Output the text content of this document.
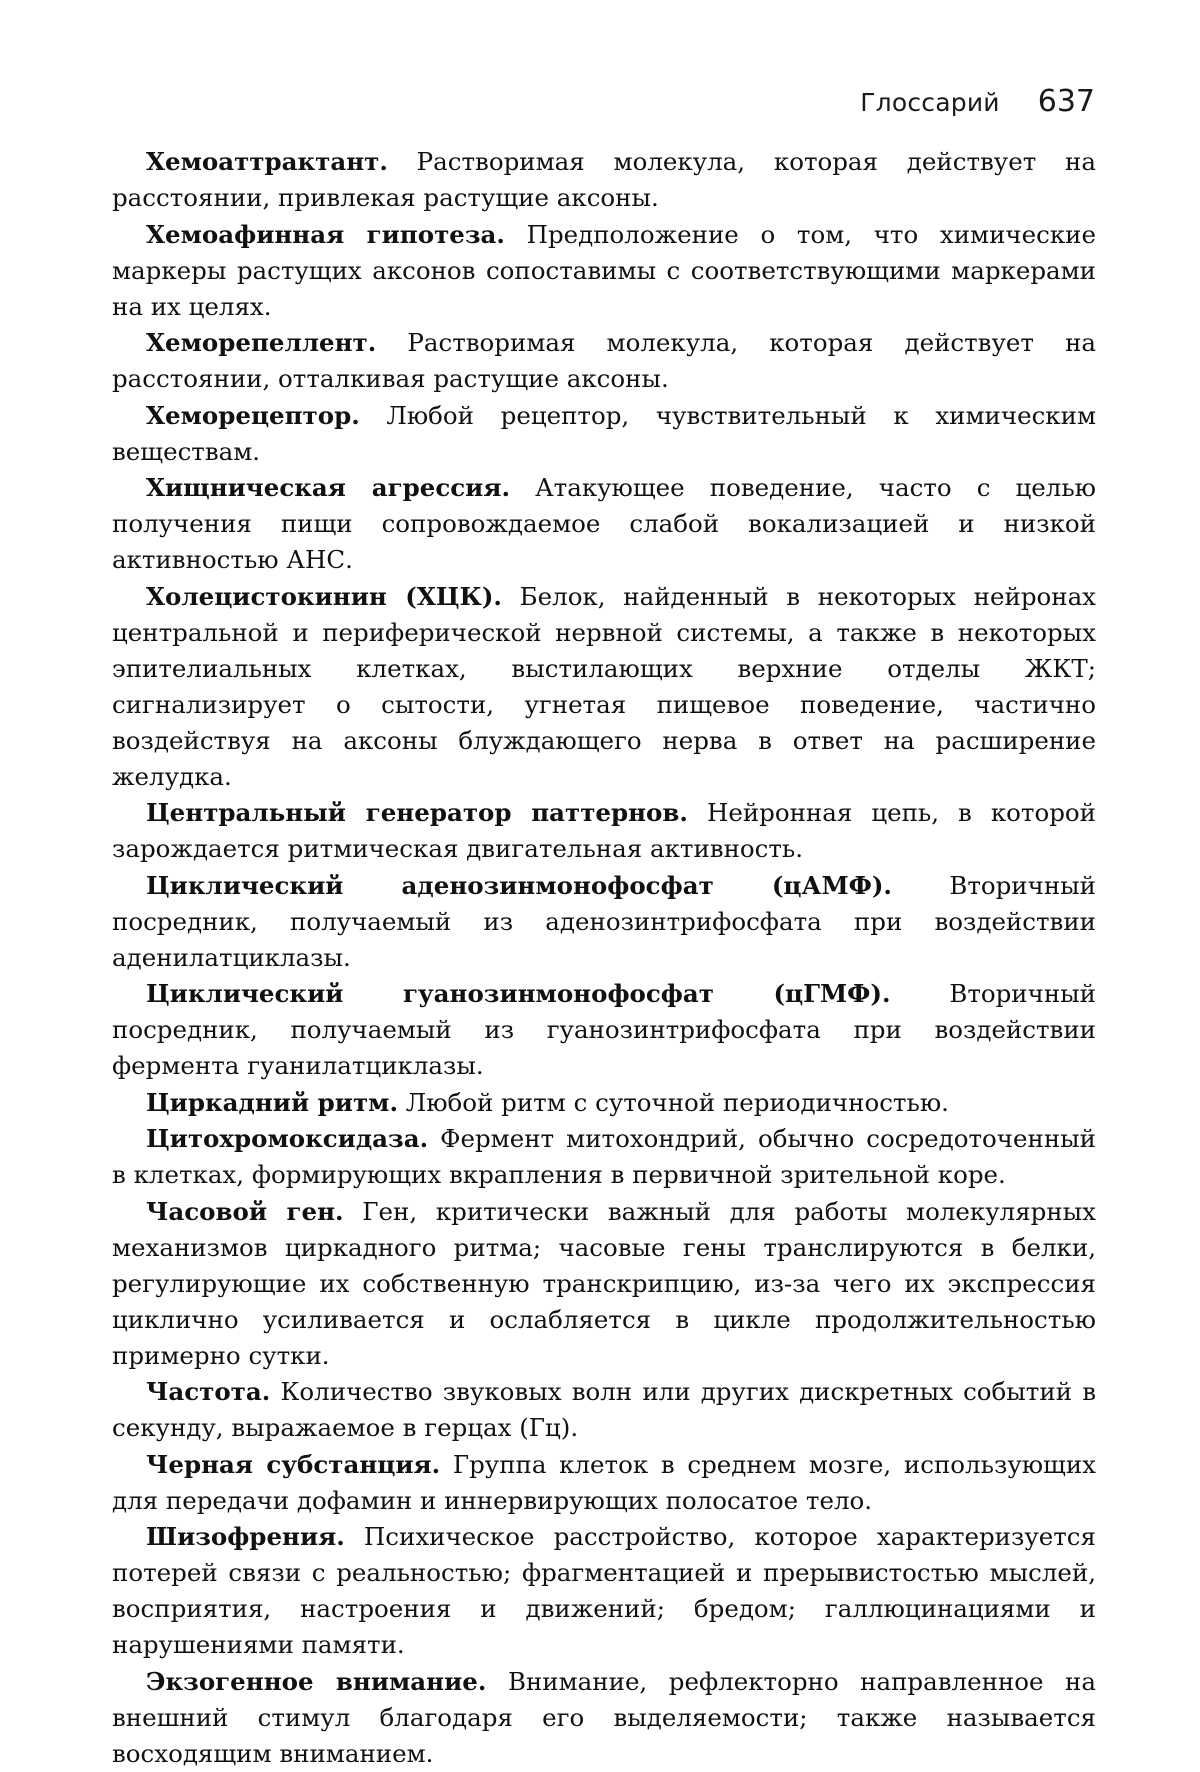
Глоссарий 637

Хемоаттрактант. Растворимая молекула, которая действует на расстоянии, привлекая растущие аксоны.

Хемоафинная гипотеза. Предположение о том, что химические маркеры растущих аксонов сопоставимы с соответствующими маркерами на их целях.

Хеморепеллент. Растворимая молекула, которая действует на расстоянии, отталкивая растущие аксоны.

Хеморецептор. Любой рецептор, чувствительный к химическим веществам.

Хищническая агрессия. Атакующее поведение, часто с целью получения пищи сопровождаемое слабой вокализацией и низкой активностью АНС.

Холецистокинин (ХЦК). Белок, найденный в некоторых нейронах центральной и периферической нервной системы, а также в некоторых эпителиальных клетках, выстилающих верхние отделы ЖКТ; сигнализирует о сытости, угнетая пищевое поведение, частично воздействуя на аксоны блуждающего нерва в ответ на расширение желудка.

Центральный генератор паттернов. Нейронная цепь, в которой зарождается ритмическая двигательная активность.

Циклический аденозинмонофосфат (цАМФ). Вторичный посредник, получаемый из аденозинтрифосфата при воздействии аденилатциклазы.

Циклический гуанозинмонофосфат (цГМФ). Вторичный посредник, получаемый из гуанозинтрифосфата при воздействии фермента гуанилатциклазы.

Циркадний ритм. Любой ритм с суточной периодичностью.

Цитохромоксидаза. Фермент митохондрий, обычно сосредоточенный в клетках, формирующих вкрапления в первичной зрительной коре.

Часовой ген. Ген, критически важный для работы молекулярных механизмов циркадного ритма; часовые гены транслируются в белки, регулирующие их собственную транскрипцию, из-за чего их экспрессия циклично усиливается и ослабляется в цикле продолжительностью примерно сутки.

Частота. Количество звуковых волн или других дискретных событий в секунду, выражаемое в герцах (Гц).

Черная субстанция. Группа клеток в среднем мозге, использующих для передачи дофамин и иннервирующих полосатое тело.

Шизофрения. Психическое расстройство, которое характеризуется потерей связи с реальностью; фрагментацией и прерывистостью мыслей, восприятия, настроения и движений; бредом; галлюцинациями и нарушениями памяти.

Экзогенное внимание. Внимание, рефлекторно направленное на внешний стимул благодаря его выделяемости; также называется восходящим вниманием.
